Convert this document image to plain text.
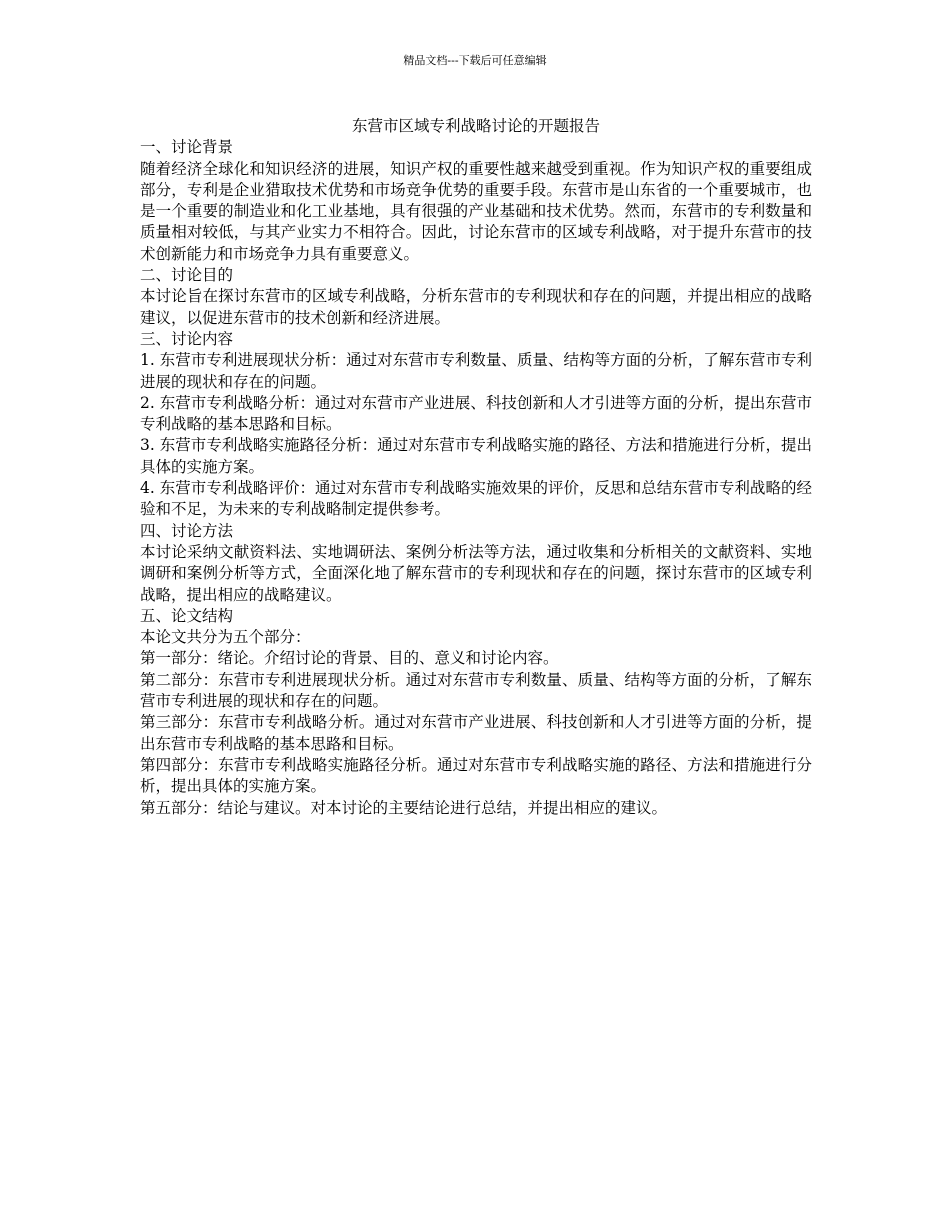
精品文档---下载后可任意编辑

东营市区域专利战略讨论的开题报告

一、讨论背景

随着经济全球化和知识经济的进展，知识产权的重要性越来越受到重视。作为知识产权的重要组成部分，专利是企业猎取技术优势和市场竞争优势的重要手段。东营市是山东省的一个重要城市，也是一个重要的制造业和化工业基地，具有很强的产业基础和技术优势。然而，东营市的专利数量和质量相对较低，与其产业实力不相符合。因此，讨论东营市的区域专利战略，对于提升东营市的技术创新能力和市场竞争力具有重要意义。

二、讨论目的

本讨论旨在探讨东营市的区域专利战略，分析东营市的专利现状和存在的问题，并提出相应的战略建议，以促进东营市的技术创新和经济进展。

三、讨论内容

1. 东营市专利进展现状分析：通过对东营市专利数量、质量、结构等方面的分析，了解东营市专利进展的现状和存在的问题。

2. 东营市专利战略分析：通过对东营市产业进展、科技创新和人才引进等方面的分析，提出东营市专利战略的基本思路和目标。

3. 东营市专利战略实施路径分析：通过对东营市专利战略实施的路径、方法和措施进行分析，提出具体的实施方案。

4. 东营市专利战略评价：通过对东营市专利战略实施效果的评价，反思和总结东营市专利战略的经验和不足，为未来的专利战略制定提供参考。

四、讨论方法

本讨论采纳文献资料法、实地调研法、案例分析法等方法，通过收集和分析相关的文献资料、实地调研和案例分析等方式，全面深化地了解东营市的专利现状和存在的问题，探讨东营市的区域专利战略，提出相应的战略建议。

五、论文结构

本论文共分为五个部分：

第一部分：绪论。介绍讨论的背景、目的、意义和讨论内容。

第二部分：东营市专利进展现状分析。通过对东营市专利数量、质量、结构等方面的分析，了解东营市专利进展的现状和存在的问题。

第三部分：东营市专利战略分析。通过对东营市产业进展、科技创新和人才引进等方面的分析，提出东营市专利战略的基本思路和目标。

第四部分：东营市专利战略实施路径分析。通过对东营市专利战略实施的路径、方法和措施进行分析，提出具体的实施方案。

第五部分：结论与建议。对本讨论的主要结论进行总结，并提出相应的建议。
